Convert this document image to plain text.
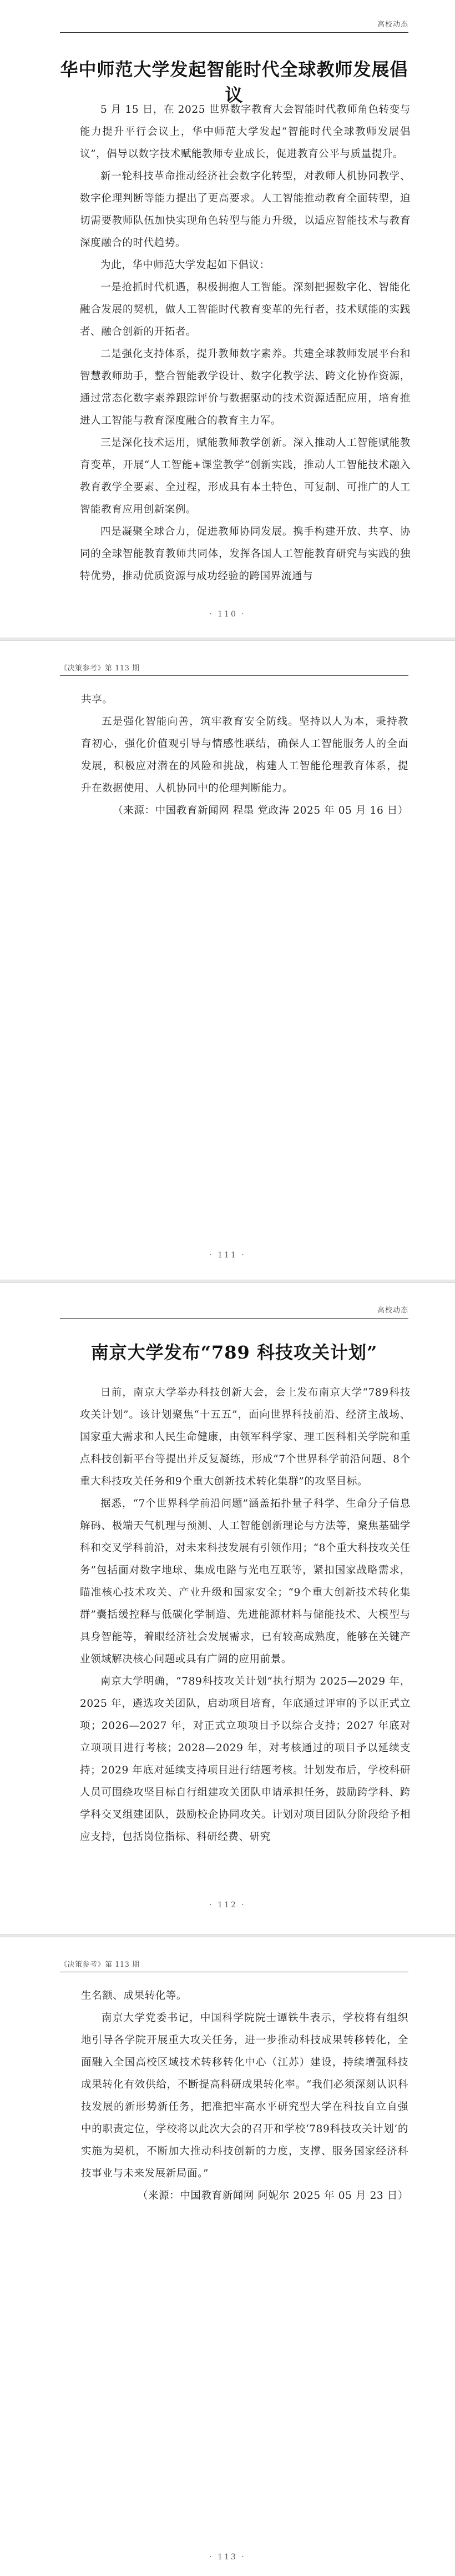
高校动态
华中师范大学发起智能时代全球教师发展倡议

5 月 15 日，在 2025 世界数字教育大会智能时代教师角色转变与能力提升平行会议上，华中师范大学发起“智能时代全球教师发展倡议”，倡导以数字技术赋能教师专业成长，促进教育公平与质量提升。

新一轮科技革命推动经济社会数字化转型，对教师人机协同教学、数字伦理判断等能力提出了更高要求。人工智能推动教育全面转型，迫切需要教师队伍加快实现角色转型与能力升级，以适应智能技术与教育深度融合的时代趋势。

为此，华中师范大学发起如下倡议：

一是抢抓时代机遇，积极拥抱人工智能。深刻把握数字化、智能化融合发展的契机，做人工智能时代教育变革的先行者，技术赋能的实践者、融合创新的开拓者。

二是强化支持体系，提升教师数字素养。共建全球教师发展平台和智慧教师助手，整合智能教学设计、数字化教学法、跨文化协作资源，通过常态化数字素养跟踪评价与数据驱动的技术资源适配应用，培育推进人工智能与教育深度融合的教育主力军。

三是深化技术运用，赋能教师教学创新。深入推动人工智能赋能教育变革，开展“人工智能+课堂教学”创新实践，推动人工智能技术融入教育教学全要素、全过程，形成具有本土特色、可复制、可推广的人工智能教育应用创新案例。

四是凝聚全球合力，促进教师协同发展。携手构建开放、共享、协同的全球智能教育教师共同体，发挥各国人工智能教育研究与实践的独特优势，推动优质资源与成功经验的跨国界流通与

· 110 ·
《决策参考》第 113 期

共享。

五是强化智能向善，筑牢教育安全防线。坚持以人为本，秉持教育初心，强化价值观引导与情感性联结，确保人工智能服务人的全面发展，积极应对潜在的风险和挑战，构建人工智能伦理教育体系，提升在数据使用、人机协同中的伦理判断能力。

（来源：中国教育新闻网 程墨 党政涛 2025 年 05 月 16 日）

· 111 ·
高校动态
南京大学发布“789 科技攻关计划”

日前，南京大学举办科技创新大会，会上发布南京大学“789科技攻关计划”。该计划聚焦“十五五”，面向世界科技前沿、经济主战场、国家重大需求和人民生命健康，由领军科学家、理工医科相关学院和重点科技创新平台等提出并反复凝练，形成“7个世界科学前沿问题、8个重大科技攻关任务和9个重大创新技术转化集群”的攻坚目标。

据悉，“7个世界科学前沿问题”涵盖拓扑量子科学、生命分子信息解码、极端天气机理与预测、人工智能创新理论与方法等，聚焦基础学科和交叉学科前沿，对未来科技发展有引领作用；“8个重大科技攻关任务”包括面对数字地球、集成电路与光电互联等，紧扣国家战略需求，瞄准核心技术攻关、产业升级和国家安全；“9个重大创新技术转化集群”囊括缓控释与低碳化学制造、先进能源材料与储能技术、大模型与具身智能等，着眼经济社会发展需求，已有较高成熟度，能够在关键产业领域解决核心问题或具有广阔的应用前景。

南京大学明确，“789科技攻关计划”执行期为 2025—2029 年，2025 年，遴选攻关团队，启动项目培育，年底通过评审的予以正式立项；2026—2027 年，对正式立项项目予以综合支持；2027 年底对立项项目进行考核；2028—2029 年，对考核通过的项目予以延续支持；2029 年底对延续支持项目进行结题考核。计划发布后，学校科研人员可围绕攻坚目标自行组建攻关团队申请承担任务，鼓励跨学科、跨学科交叉组建团队，鼓励校企协同攻关。计划对项目团队分阶段给予相应支持，包括岗位指标、科研经费、研究

· 112 ·
《决策参考》第 113 期

生名额、成果转化等。

南京大学党委书记，中国科学院院士谭铁牛表示，学校将有组织地引导各学院开展重大攻关任务，进一步推动科技成果转移转化，全面融入全国高校区域技术转移转化中心（江苏）建设，持续增强科技成果转化有效供给，不断提高科研成果转化率。“我们必须深刻认识科技发展的新形势新任务，把准把牢高水平研究型大学在科技自立自强中的职责定位，学校将以此次大会的召开和学校‘789科技攻关计划’的实施为契机，不断加大推动科技创新的力度，支撑、服务国家经济科技事业与未来发展新局面。”

（来源：中国教育新闻网 阿妮尔 2025 年 05 月 23 日）

· 113 ·
